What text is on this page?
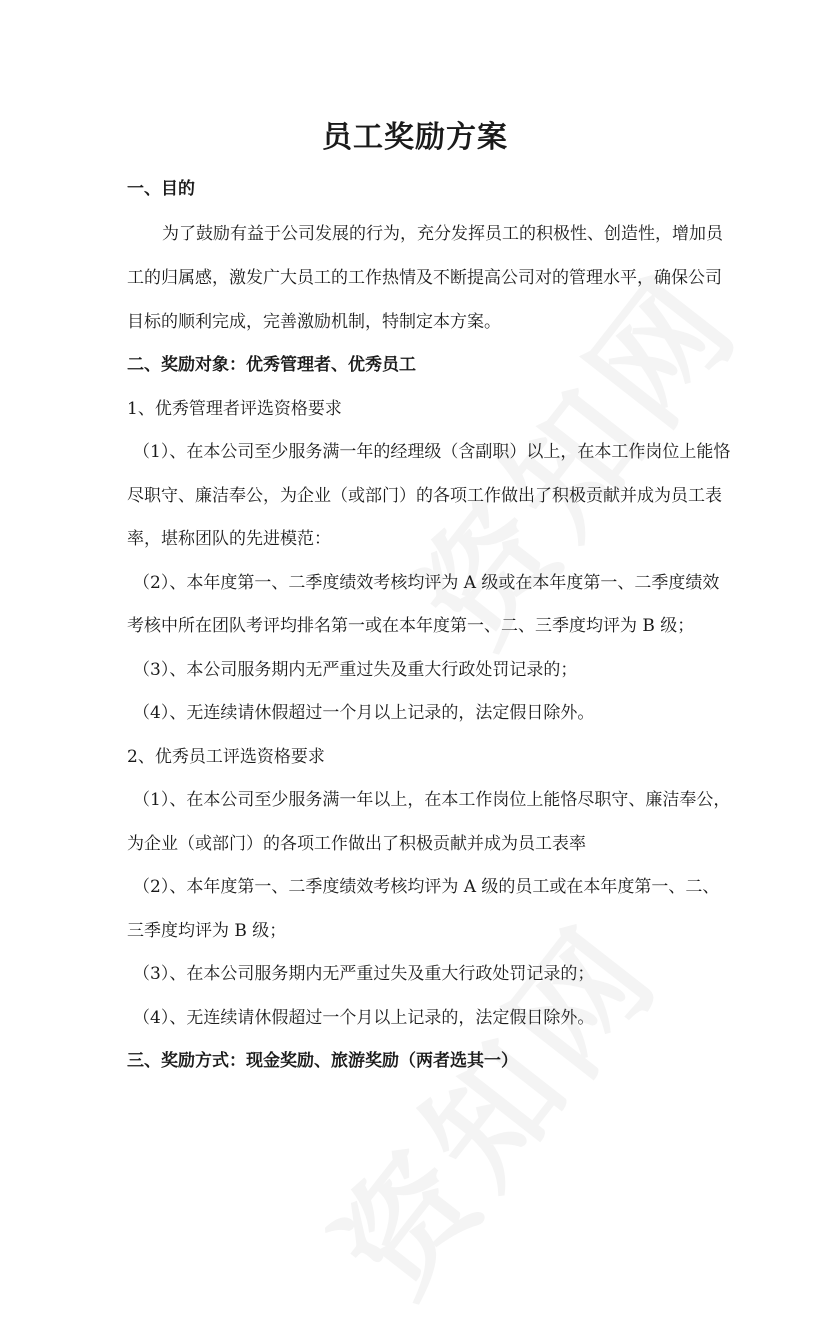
员工奖励方案
一、目的
为了鼓励有益于公司发展的行为，充分发挥员工的积极性、创造性，增加员
工的归属感，激发广大员工的工作热情及不断提高公司对的管理水平，确保公司
目标的顺利完成，完善激励机制，特制定本方案。
二、奖励对象：优秀管理者、优秀员工
1、优秀管理者评选资格要求
（1）、在本公司至少服务满一年的经理级（含副职）以上，在本工作岗位上能恪
尽职守、廉洁奉公，为企业（或部门）的各项工作做出了积极贡献并成为员工表
率，堪称团队的先进模范：
（2）、本年度第一、二季度绩效考核均评为 A 级或在本年度第一、二季度绩效
考核中所在团队考评均排名第一或在本年度第一、二、三季度均评为 B 级；
（3）、本公司服务期内无严重过失及重大行政处罚记录的；
（4）、无连续请休假超过一个月以上记录的，法定假日除外。
2、优秀员工评选资格要求
（1）、在本公司至少服务满一年以上，在本工作岗位上能恪尽职守、廉洁奉公，
为企业（或部门）的各项工作做出了积极贡献并成为员工表率
（2）、本年度第一、二季度绩效考核均评为 A 级的员工或在本年度第一、二、
三季度均评为 B 级；
（3）、在本公司服务期内无严重过失及重大行政处罚记录的；
（4）、无连续请休假超过一个月以上记录的，法定假日除外。
三、奖励方式：现金奖励、旅游奖励（两者选其一）
